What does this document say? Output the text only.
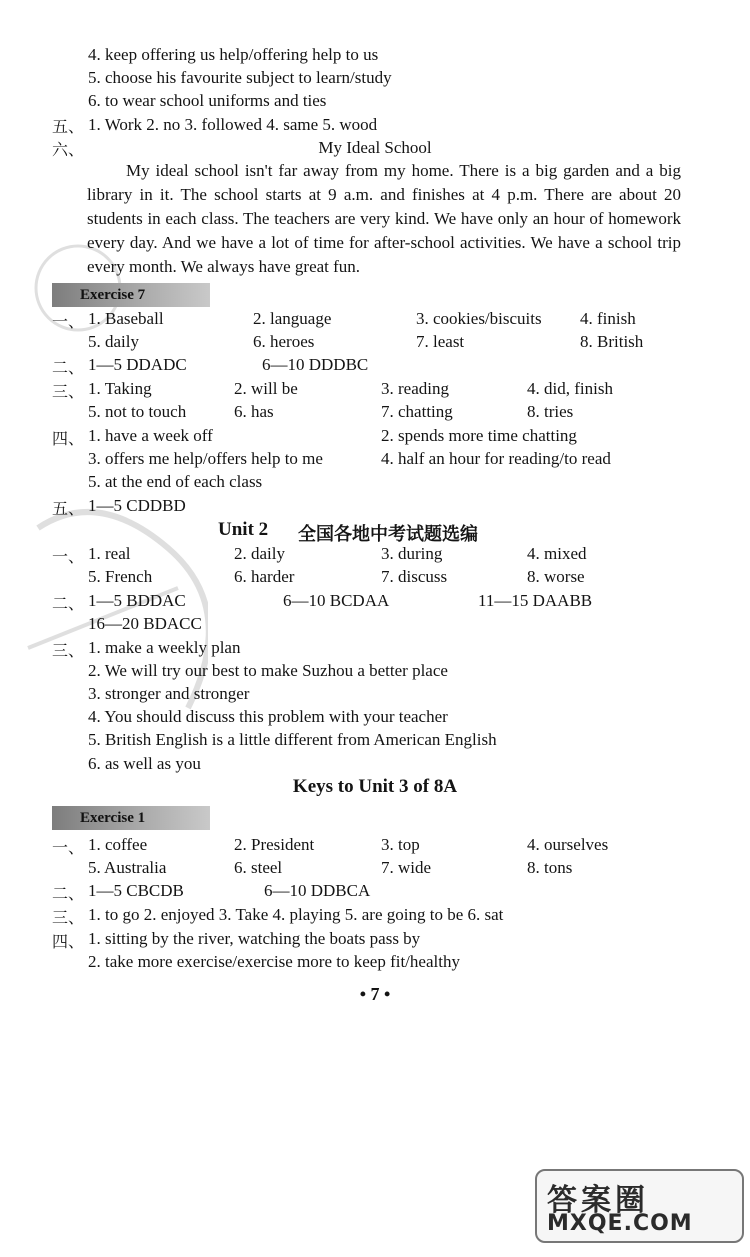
4. keep offering us help/offering help to us
5. choose his favourite subject to learn/study
6. to wear school uniforms and ties
五、 1. Work 2. no 3. followed 4. same 5. wood
六、	My Ideal School

My ideal school isn't far away from my home. There is a big garden and a big library in it. The school starts at 9 a.m. and finishes at 4 p.m. There are about 20 students in each class. The teachers are very kind. We have only an hour of homework every day. And we have a lot of time for after-school activities. We have a school trip every month. We always have great fun.

Exercise 7
一、 1. Baseball	2. language	3. cookies/biscuits 4. finish
5. daily	6. heroes	7. least	8. British
二、 1—5 DDADC	6—10 DDDBC
三、 1. Taking	2. will be	3. reading	4. did, finish
5. not to touch	6. has	7. chatting	8. tries
四、 1. have a week off	2. spends more time chatting
3. offers me help/offers help to me	4. half an hour for reading/to read
5. at the end of each class
五、 1—5 CDDBD
Unit 2 全国各地中考试题选编
一、 1. real	2. daily	3. during	4. mixed
5. French	6. harder	7. discuss	8. worse
二、 1—5 BDDAC	6—10 BCDAA	11—15 DAABB
16—20 BDACC
三、 1. make a weekly plan
2. We will try our best to make Suzhou a better place
3. stronger and stronger
4. You should discuss this problem with your teacher
5. British English is a little different from American English
6. as well as you
Keys to Unit 3 of 8A
Exercise 1
一、 1. coffee	2. President	3. top	4. ourselves
5. Australia	6. steel	7. wide	8. tons
二、 1—5 CBCDB	6—10 DDBCA
三、 1. to go 2. enjoyed 3. Take 4. playing 5. are going to be 6. sat
四、 1. sitting by the river, watching the boats pass by
2. take more exercise/exercise more to keep fit/healthy
• 7 •
答案圈
MXQE.COM
